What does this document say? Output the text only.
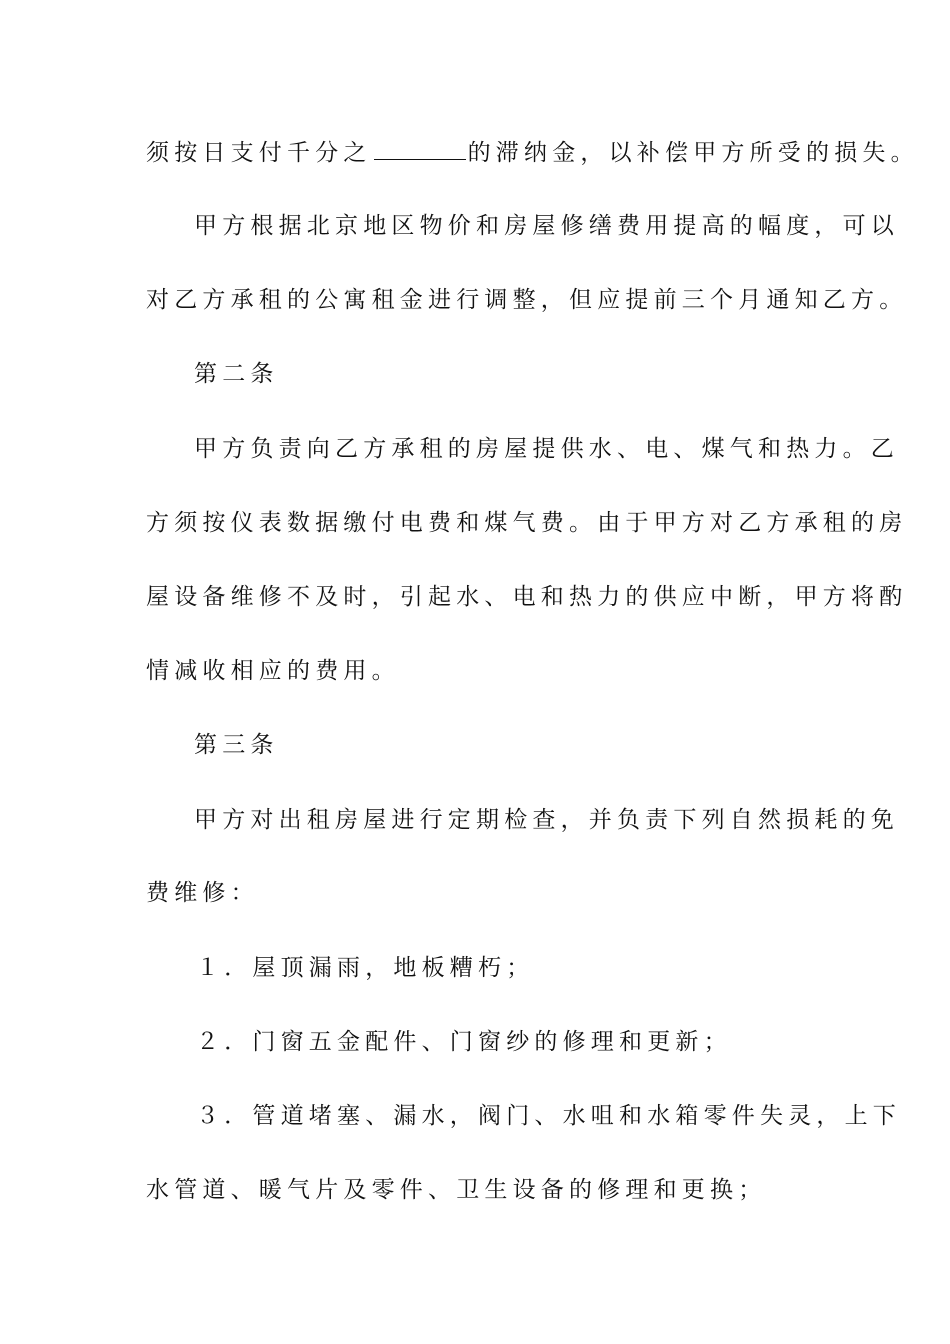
须按日支付千分之	的滞纳金，以补偿甲方所受的损失。

甲方根据北京地区物价和房屋修缮费用提高的幅度，可以

对乙方承租的公寓租金进行调整，但应提前三个月通知乙方。

第二条

甲方负责向乙方承租的房屋提供水、电、煤气和热力。乙

方须按仪表数据缴付电费和煤气费。由于甲方对乙方承租的房

屋设备维修不及时，引起水、电和热力的供应中断，甲方将酌

情减收相应的费用。

第三条

甲方对出租房屋进行定期检查，并负责下列自然损耗的免

费维修：

１．屋顶漏雨，地板糟朽；

２．门窗五金配件、门窗纱的修理和更新；

３．管道堵塞、漏水，阀门、水咀和水箱零件失灵，上下

水管道、暖气片及零件、卫生设备的修理和更换；
